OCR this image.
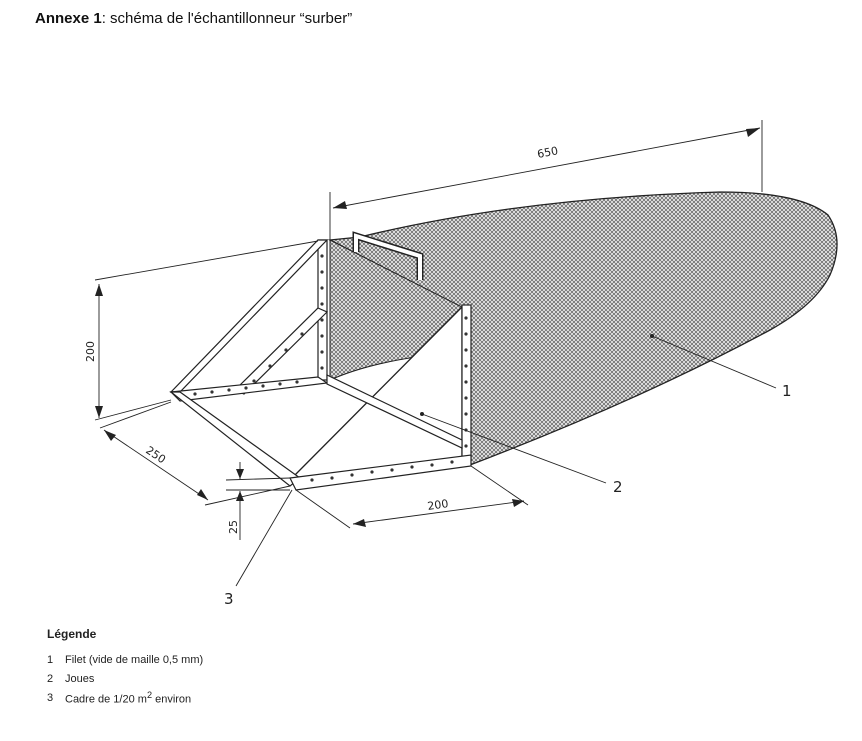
Annexe 1: schéma de l'échantillonneur “surber”
650
200
250
200
25
1
2
3
Légende
1	Filet (vide de maille 0,5 mm)
2	Joues
3	Cadre de 1/20 $m^2$ environ
